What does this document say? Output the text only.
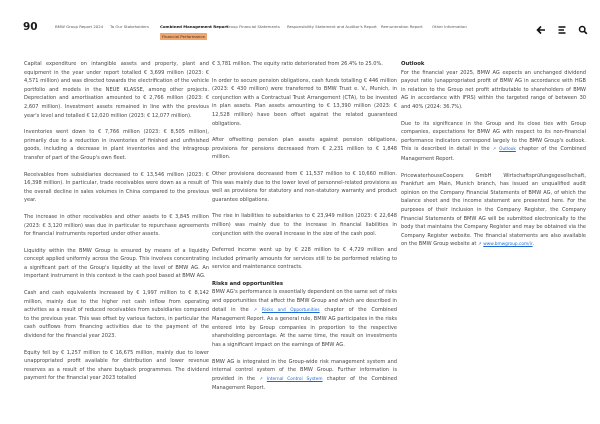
90	BMW Group Report 2024 To Our Stakeholders	Combined Management Report
Group Financial Statements Responsibility Statement and Auditor's Report Remuneration Report Other Information
Financial Performance

Capital expenditure on intangible assets and property, plant and equipment in the year under report totalled € 3,699 million (2023: € 4,571 million) and was directed towards the electrification of the vehicle portfolio and models in the NEUE KLASSE, among other projects. Depreciation and amortisation amounted to € 2,766 million (2023: € 2,607 million). Investment assets remained in line with the previous year's level and totalled € 12,020 million (2023: € 12,077 million).

Inventories went down to € 7,766 million (2023: € 8,505 million), primarily due to a reduction in inventories of finished and unfinished goods, including a decrease in plant inventories and the intragroup transfer of part of the Group's own fleet.

Receivables from subsidiaries decreased to € 13,546 million (2023: € 16,398 million). In particular, trade receivables were down as a result of the overall decline in sales volumes in China compared to the previous year.

The increase in other receivables and other assets to € 3,845 million (2023: € 3,120 million) was due in particular to repurchase agreements for financial instruments reported under other assets.

Liquidity within the BMW Group is ensured by means of a liquidity concept applied uniformly across the Group. This involves concentrating a significant part of the Group's liquidity at the level of BMW AG. An important instrument in this context is the cash pool based at BMW AG.

Cash and cash equivalents increased by € 1,997 million to € 8,142 million, mainly due to the higher net cash inflow from operating activities as a result of reduced receivables from subsidiaries compared to the previous year. This was offset by various factors, in particular the cash outflows from financing activities due to the payment of the dividend for the financial year 2023.

Equity fell by € 1,257 million to € 16,675 million, mainly due to lower unappropriated profit available for distribution and lower revenue reserves as a result of the share buyback programmes. The dividend payment for the financial year 2023 totalled

€ 3,781 million. The equity ratio deteriorated from 26.4% to 25.0%.

In order to secure pension obligations, cash funds totalling € 446 million (2023: € 430 million) were transferred to BMW Trust e. V., Munich, in conjunction with a Contractual Trust Arrangement (CTA), to be invested in plan assets. Plan assets amounting to € 13,390 million (2023: € 12,528 million) have been offset against the related guaranteed obligations.

After offsetting pension plan assets against pension obligations, provisions for pensions decreased from € 2,231 million to € 1,848 million.

Other provisions decreased from € 11,537 million to € 10,660 million. This was mainly due to the lower level of personnel-related provisions as well as provisions for statutory and non-statutory warranty and product guarantee obligations.

The rise in liabilities to subsidiaries to € 23,949 million (2023: € 22,648 million) was mainly due to the increase in financial liabilities in conjunction with the overall increase in the size of the cash pool.

Deferred income went up by € 228 million to € 4,729 million and included primarily amounts for services still to be performed relating to service and maintenance contracts.

Risks and opportunities

BMW AG's performance is essentially dependent on the same set of risks and opportunities that affect the BMW Group and which are described in detail in the ↗ Risks and Opportunities chapter of the Combined Management Report. As a general rule, BMW AG participates in the risks entered into by Group companies in proportion to the respective shareholding percentage. At the same time, the result on investments has a significant impact on the earnings of BMW AG.

BMW AG is integrated in the Group-wide risk management system and internal control system of the BMW Group. Further information is provided in the ↗ Internal Control System chapter of the Combined Management Report.

Outlook

For the financial year 2025, BMW AG expects an unchanged dividend payout ratio (unappropriated profit of BMW AG in accordance with HGB in relation to the Group net profit attributable to shareholders of BMW AG in accordance with IFRS) within the targeted range of between 30 and 40% (2024: 36.7%).

Due to its significance in the Group and its close ties with Group companies, expectations for BMW AG with respect to its non-financial performance indicators correspond largely to the BMW Group's outlook. This is described in detail in the ↗ Outlook chapter of the Combined Management Report.

PricewaterhouseCoopers GmbH Wirtschaftsprüfungsgesellschaft, Frankfurt am Main, Munich branch, has issued an unqualified audit opinion on the Company Financial Statements of BMW AG, of which the balance sheet and the income statement are presented here. For the purposes of their inclusion in the Company Register, the Company Financial Statements of BMW AG will be submitted electronically to the body that maintains the Company Register and may be obtained via the Company Register website. The financial statements are also available on the BMW Group website at ↗ www.bmwgroup.com/ir.
